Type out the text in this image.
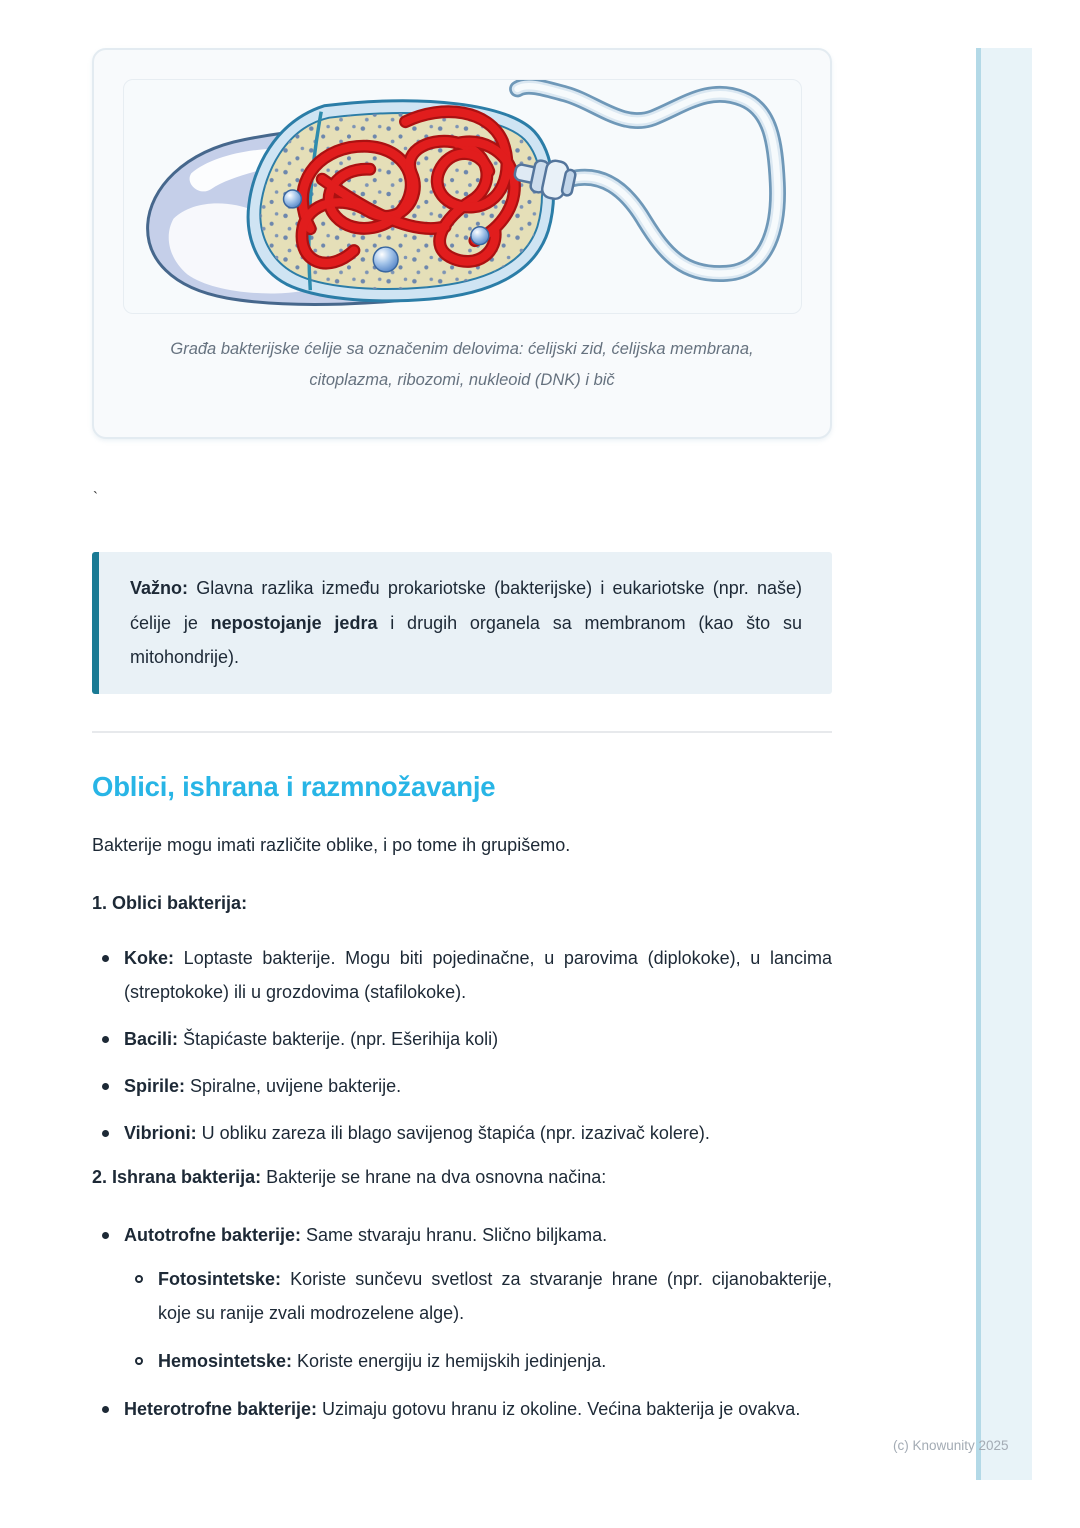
Građa bakterijske ćelije sa označenim delovima: ćelijski zid, ćelijska membrana, citoplazma, ribozomi, nukleoid (DNK) i bič

`

Važno: Glavna razlika između prokariotske (bakterijske) i eukariotske (npr. naše) ćelije je nepostojanje jedra i drugih organela sa membranom (kao što su mitohondrije).

Oblici, ishrana i razmnožavanje

Bakterije mogu imati različite oblike, i po tome ih grupišemo.

1. Oblici bakterija:

Koke: Loptaste bakterije. Mogu biti pojedinačne, u parovima (diplokoke), u lancima (streptokoke) ili u grozdovima (stafilokoke).
Bacili: Štapićaste bakterije. (npr. Ešerihija koli)
Spirile: Spiralne, uvijene bakterije.
Vibrioni: U obliku zareza ili blago savijenog štapića (npr. izazivač kolere).

2. Ishrana bakterija: Bakterije se hrane na dva osnovna načina:

Autotrofne bakterije: Same stvaraju hranu. Slično biljkama.
Fotosintetske: Koriste sunčevu svetlost za stvaranje hrane (npr. cijanobakterije, koje su ranije zvali modrozelene alge).
Hemosintetske: Koriste energiju iz hemijskih jedinjenja.
Heterotrofne bakterije: Uzimaju gotovu hranu iz okoline. Većina bakterija je ovakva.
(c) Knowunity 2025
